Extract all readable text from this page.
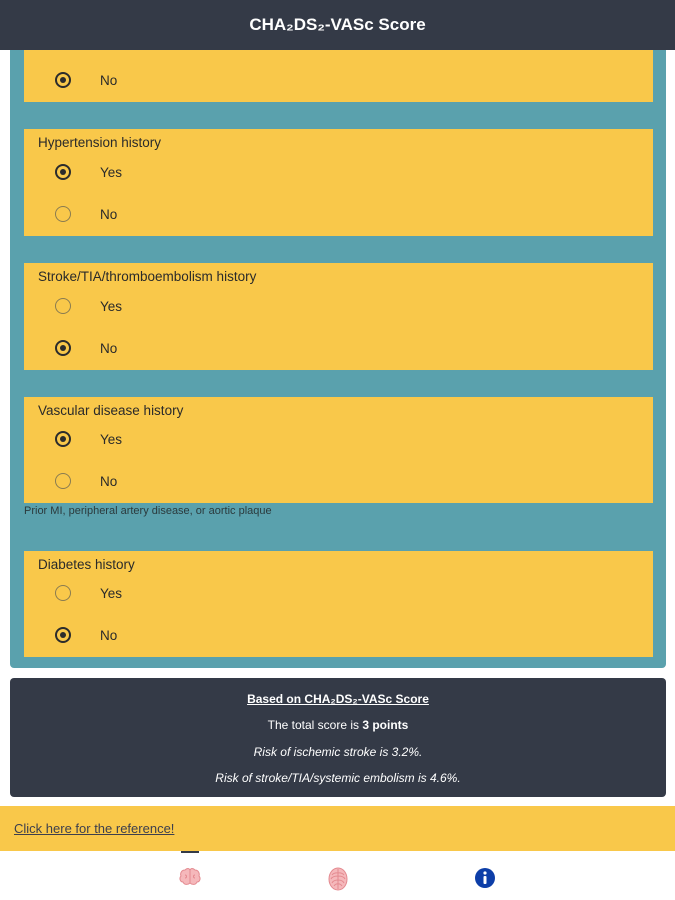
CHA₂DS₂-VASc Score
No
Hypertension history
Yes
No
Stroke/TIA/thromboembolism history
Yes
No
Vascular disease history
Yes
No
Prior MI, peripheral artery disease, or aortic plaque
Diabetes history
Yes
No
Based on CHA₂DS₂-VASc Score
The total score is 3 points
Risk of ischemic stroke is 3.2%.
Risk of stroke/TIA/systemic embolism is 4.6%.
Click here for the reference!
